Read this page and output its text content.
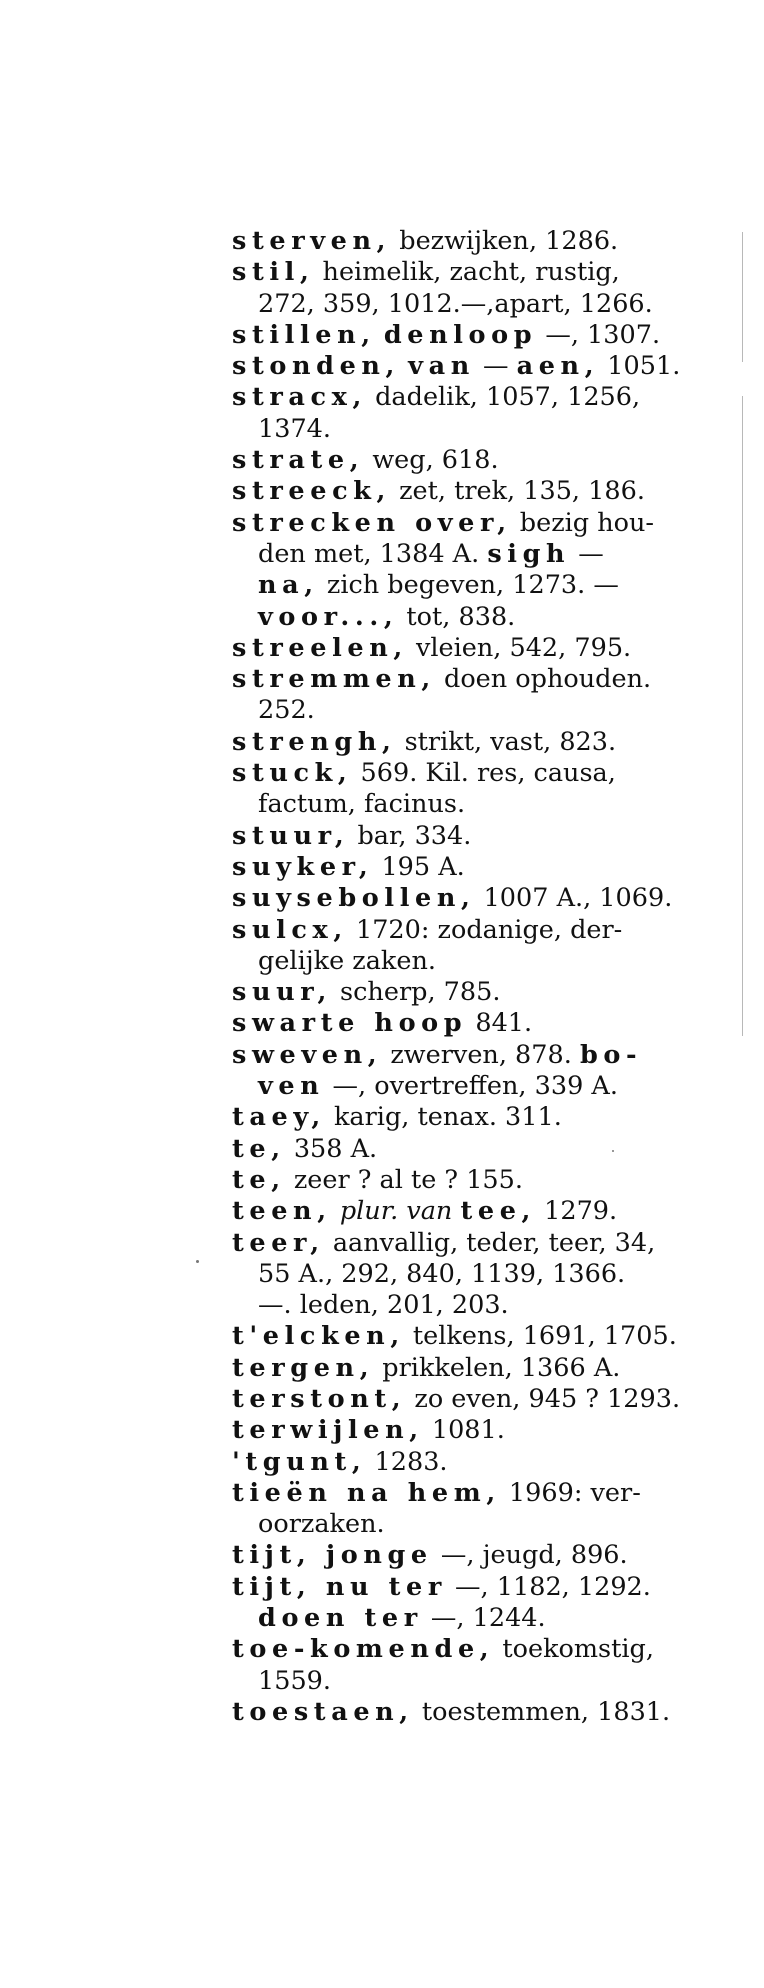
sterven, bezwijken, 1286.
stil, heimelik, zacht, rustig,
272, 359, 1012.—,apart, 1266.
stillen, denloop —, 1307.
stonden, van — aen, 1051.
stracx, dadelik, 1057, 1256,
1374.
strate, weg, 618.
streeck, zet, trek, 135, 186.
strecken over, bezig hou-
den met, 1384 A. sigh —
na, zich begeven, 1273. —
voor..., tot, 838.
streelen, vleien, 542, 795.
stremmen, doen ophouden.
252.
strengh, strikt, vast, 823.
stuck, 569. Kil. res, causa,
factum, facinus.
stuur, bar, 334.
suyker, 195 A.
suysebollen, 1007 A., 1069.
sulcx, 1720: zodanige, der-
gelijke zaken.
suur, scherp, 785.
swarte hoop 841.
sweven, zwerven, 878. bo-
ven —, overtreffen, 339 A.
taey, karig, tenax. 311.
te, 358 A.
te, zeer ? al te ? 155.
teen, plur. van tee, 1279.
teer, aanvallig, teder, teer, 34,
55 A., 292, 840, 1139, 1366.
—. leden, 201, 203.
t'elcken, telkens, 1691, 1705.
tergen, prikkelen, 1366 A.
terstont, zo even, 945 ? 1293.
terwijlen, 1081.
'tgunt, 1283.
tieën na hem, 1969: ver-
oorzaken.
tijt, jonge —, jeugd, 896.
tijt, nu ter —, 1182, 1292.
doen ter —, 1244.
toe-komende, toekomstig,
1559.
toestaen, toestemmen, 1831.
